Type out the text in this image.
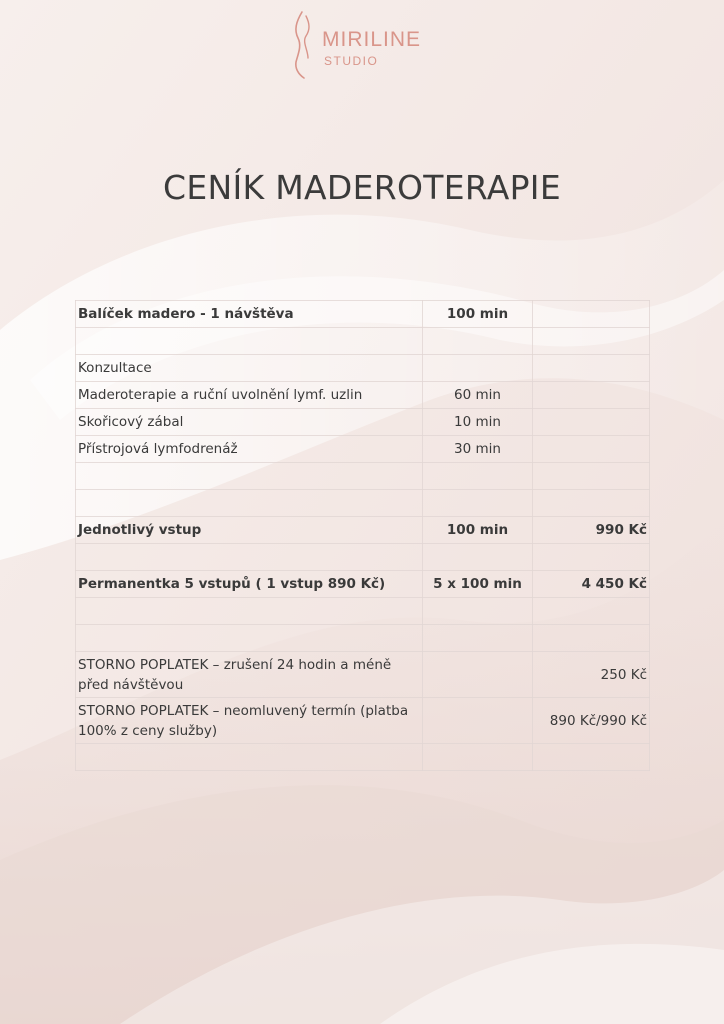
MIRILINE
STUDIO
CENÍK MADEROTERAPIE
Balíček madero - 1 návštěva	100 min	

Konzultace		
Maderoterapie a ruční uvolnění lymf. uzlin	60 min	
Skořicový zábal	10 min	
Přístrojová lymfodrenáž	30 min	

Jednotlivý vstup	100 min	990 Kč

Permanentka 5 vstupů ( 1 vstup 890 Kč)	5 x 100 min	4 450 Kč

STORNO POPLATEK – zrušení 24 hodin a méně před návštěvou		250 Kč
STORNO POPLATEK – neomluvený termín (platba 100% z ceny služby)		890 Kč/990 Kč
